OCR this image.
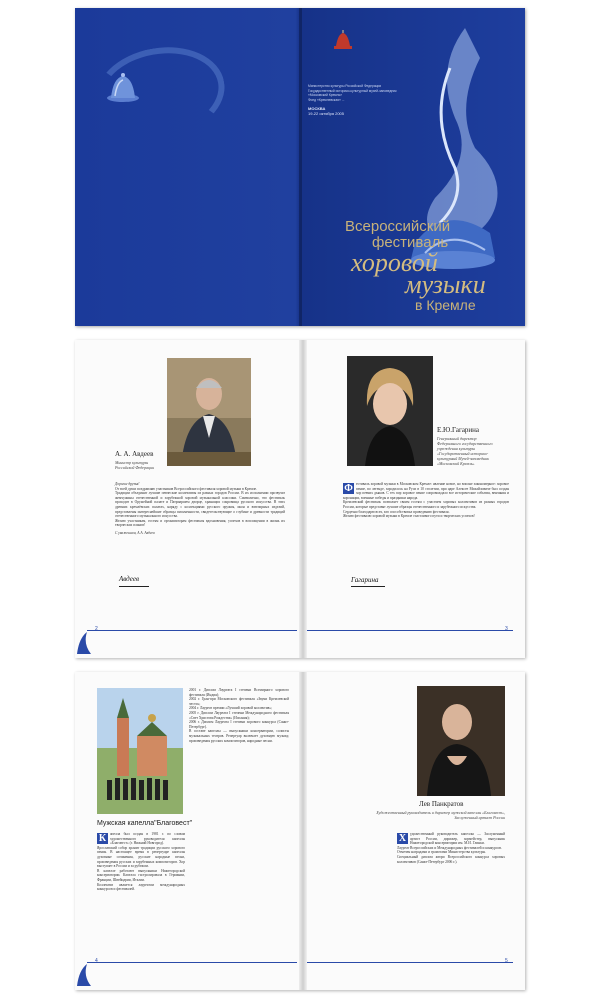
Министерство культуры Российской Федерации
Государственный историко-культурный музей-заповедник
«Московский Кремль»
Фонд «Кремлевская» ...
МОСКВА
19-22 октября 2005
Всероссийский
фестиваль
хоровой
музыки
в Кремле
А. А. Авдеев
Министр культуры Российской Федерации
Дорогие друзья!

От всей души поздравляю участников Всероссийского фестиваля хоровой музыки в Кремле.

Традиции объединят лучшие певческие коллективы из разных городов России. В их исполнении прозвучат жемчужины отечественной и зарубежной хоровой музыкальной классики. Символично, что фестиваль проходит в Оружейной палате и Патриаршем дворце, хранящих сокровища русского искусства. В этих древних кремлёвских палатах, наряду с коллекциями русского оружия, икон и ювелирных изделий, представлены интереснейшие образцы письменности, свидетельствующие о глубине и древности традиций отечественного музыкального искусства.

Желаю участникам, гостям и организаторам фестиваля вдохновения, успехов в воплощении в жизнь их творческих планов!

С уважением, А.А. Авдеев

Авдеев
2
Е.Ю.Гагарина
Генеральный директор Федерального государственного учреждения культуры «Государственный историко-культурный Музей-заповедник «Московский Кремль»
Ф естиваль хоровой музыки в Московском Кремле: явление новое, но вполне закономерное: хоровое пение, по легенде, зародилось на Руси в 10 столетии, при царе Алексее Михайловиче был создан хор певчих дьяков. С тех пор хоровое пение сопровождало все исторические события, венчания и коронации, военные победы и праздники народа.

Кремлевский фестиваль позволяет своим гостям с участием хоровых коллективов из разных городов России, которые представят лучшие образцы отечественного и зарубежного искусства.

Сердечно благодарю всех, кто способствовал проведению фестиваля.

Желаю фестивалю хоровой музыки в Кремле счастливого пути и творческих успехов!

Гагарина
3
Мужская капелла"Благовест"
К	апелла был создан в 1981 г. по словам художественного руководителя капеллы «Благовест» (г. Нижний Новгород).

Ярославский собор хранит традиции русского хорового пения. В настоящее время в репертуаре капеллы духовные сочинения, русские народные песни, произведения русских и зарубежных композиторов. Хор выступает в России и за рубежом.

В капелле работают выпускники Нижегородской консерватории. Капелла гастролировала в Германии, Франции, Швейцарии, Италии.

Коллектив является лауреатом международных конкурсов и фестивалей.

2001 г. Диплом Лауреата I степени Всемирного хорового фестиваля (Индия);

2002 г. Гран-при Московского фестиваля «Звуки Кремлевской чести»;

2004 г. Лауреат премии «Лучший хоровой коллектив»;

2005 г. Диплом Лауреата I степени Международного фестиваля «Свет Христова Рождества» (Испания);

2006 г. Диплом Лауреата I степени хорового конкурса (Санкт-Петербург).

В составе капеллы — выпускники консерватории, солисты музыкальных театров. Репертуар включает духовную музыку, произведения русских композиторов, народные песни.

4
Лев Панкратов
Художественный руководитель и дирижер мужской капеллы «Благовест», Заслуженный артист России
Х	удожественный руководитель капеллы — Заслуженный артист России, дирижер, хормейстер, выпускник Нижегородской консерватории им. М.И. Глинки.

Лауреат Всероссийских и Международных фестивалей и конкурсов.

Отмечен наградами и грамотами Министерства культуры.

Специальный диплом жюри Всероссийского конкурса хоровых коллективов (Санкт-Петербург 2006 г.).

5
